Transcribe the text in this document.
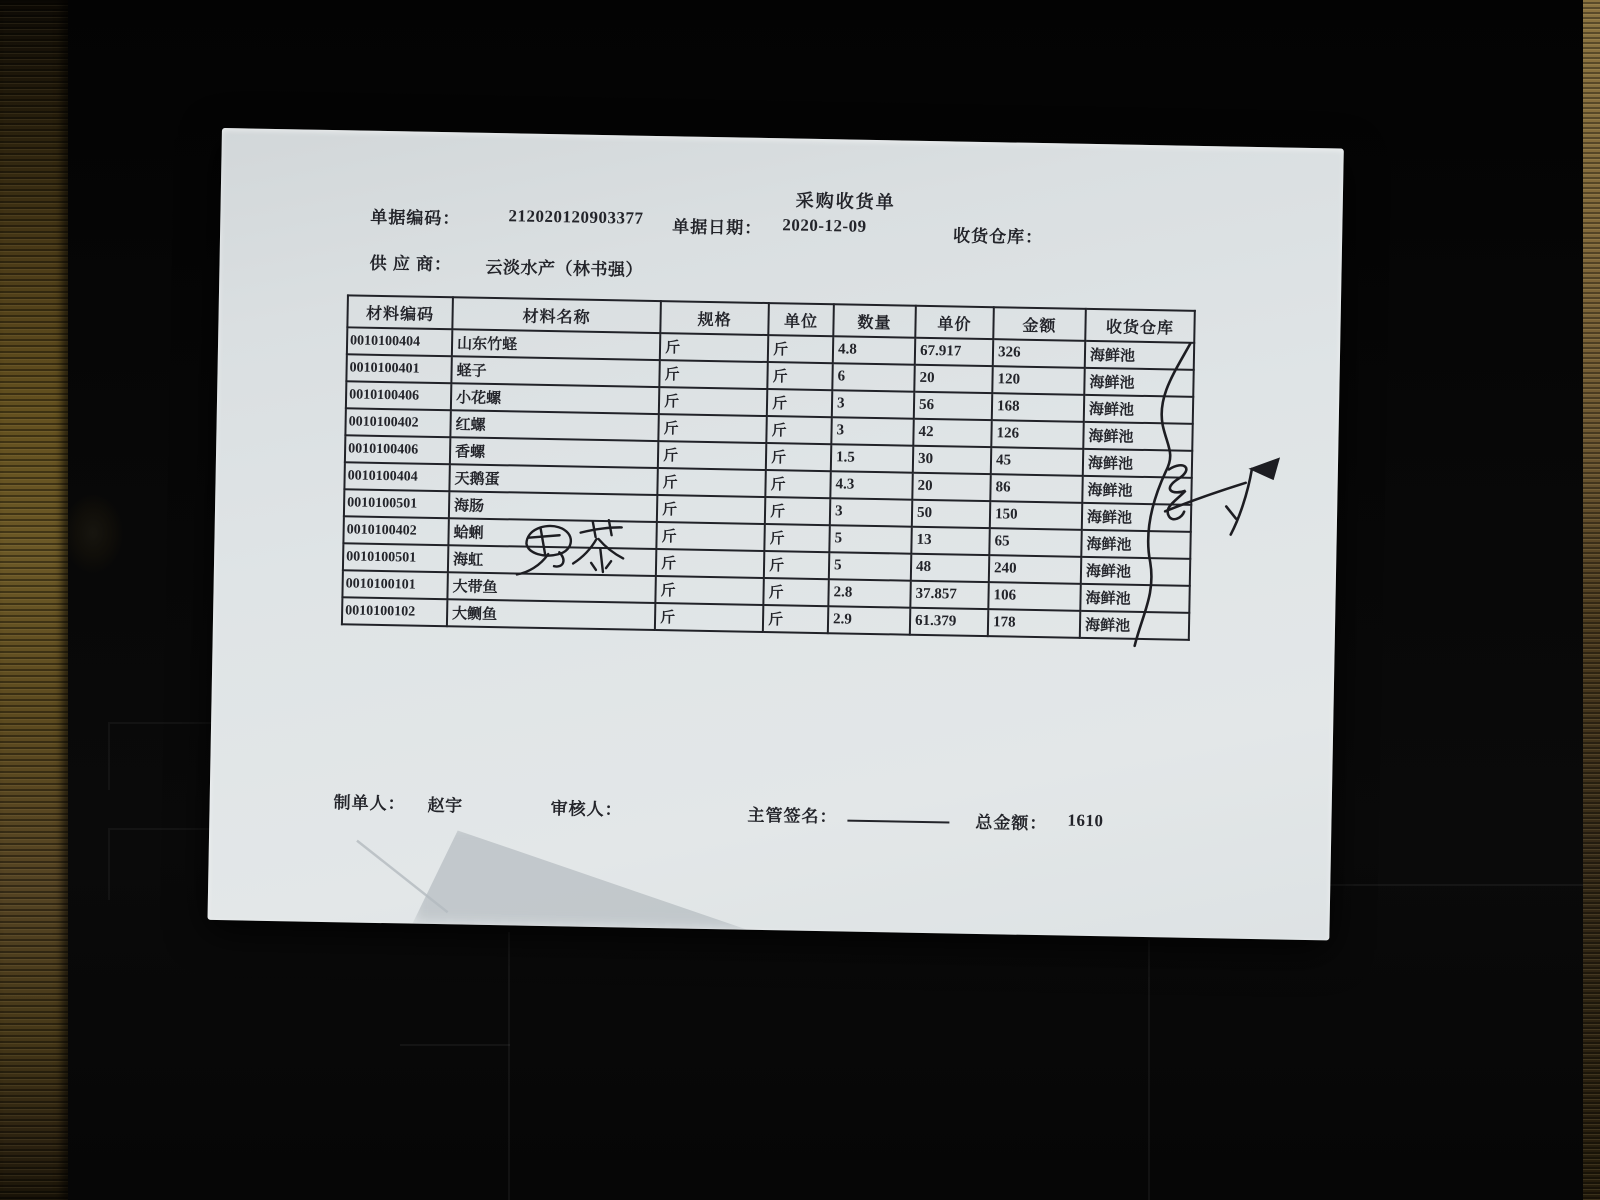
采购收货单
单据编码：	212020120903377 单据日期： 2020-12-09
收货仓库：
供 应 商： 云淡水产（林书强）
材料编码	材料名称	规格	单位	数量	单价	金额	收货仓库
0010100404	山东竹蛏	斤	斤	4.8	67.917	326	海鲜池
0010100401	蛏子	斤	斤	6	20	120	海鲜池
0010100406	小花螺	斤	斤	3	56	168	海鲜池
0010100402	红螺	斤	斤	3	42	126	海鲜池
0010100406	香螺	斤	斤	1.5	30	45	海鲜池
0010100404	天鹅蛋	斤	斤	4.3	20	86	海鲜池
0010100501	海肠	斤	斤	3	50	150	海鲜池
0010100402	蛤蜊	斤	斤	5	13	65	海鲜池
0010100501	海虹	斤	斤	5	48	240	海鲜池
0010100101	大带鱼	斤	斤	2.8	37.857	106	海鲜池
0010100102	大鲗鱼	斤	斤	2.9	61.379	178	海鲜池
制单人： 赵宇	审核人：	主管签名：	总金额： 1610
